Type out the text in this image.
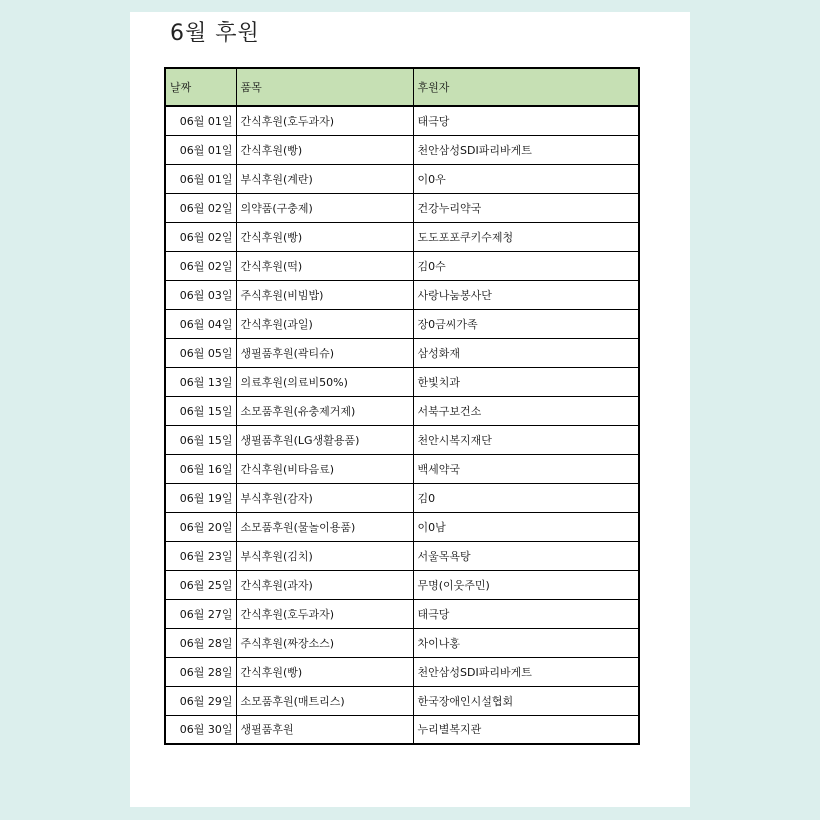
6월 후원
날짜	품목	후원자
06월 01일	간식후원(호두과자)	태극당
06월 01일	간식후원(빵)	천안삼성SDI파리바게트
06월 01일	부식후원(계란)	이0우
06월 02일	의약품(구충제)	건강누리약국
06월 02일	간식후원(빵)	도도포포쿠키수제청
06월 02일	간식후원(떡)	김0수
06월 03일	주식후원(비빔밥)	사랑나눔봉사단
06월 04일	간식후원(과일)	장0금씨가족
06월 05일	생필품후원(곽티슈)	삼성화재
06월 13일	의료후원(의료비50%)	한빛치과
06월 15일	소모품후원(유충제거제)	서북구보건소
06월 15일	생필품후원(LG생활용품)	천안시복지재단
06월 16일	간식후원(비타음료)	백세약국
06월 19일	부식후원(감자)	김0
06월 20일	소모품후원(물놀이용품)	이0남
06월 23일	부식후원(김치)	서울목욕탕
06월 25일	간식후원(과자)	무명(이웃주민)
06월 27일	간식후원(호두과자)	태극당
06월 28일	주식후원(짜장소스)	차이나홍
06월 28일	간식후원(빵)	천안삼성SDI파리바게트
06월 29일	소모품후원(매트리스)	한국장애인시설협회
06월 30일	생필품후원	누리별복지관
